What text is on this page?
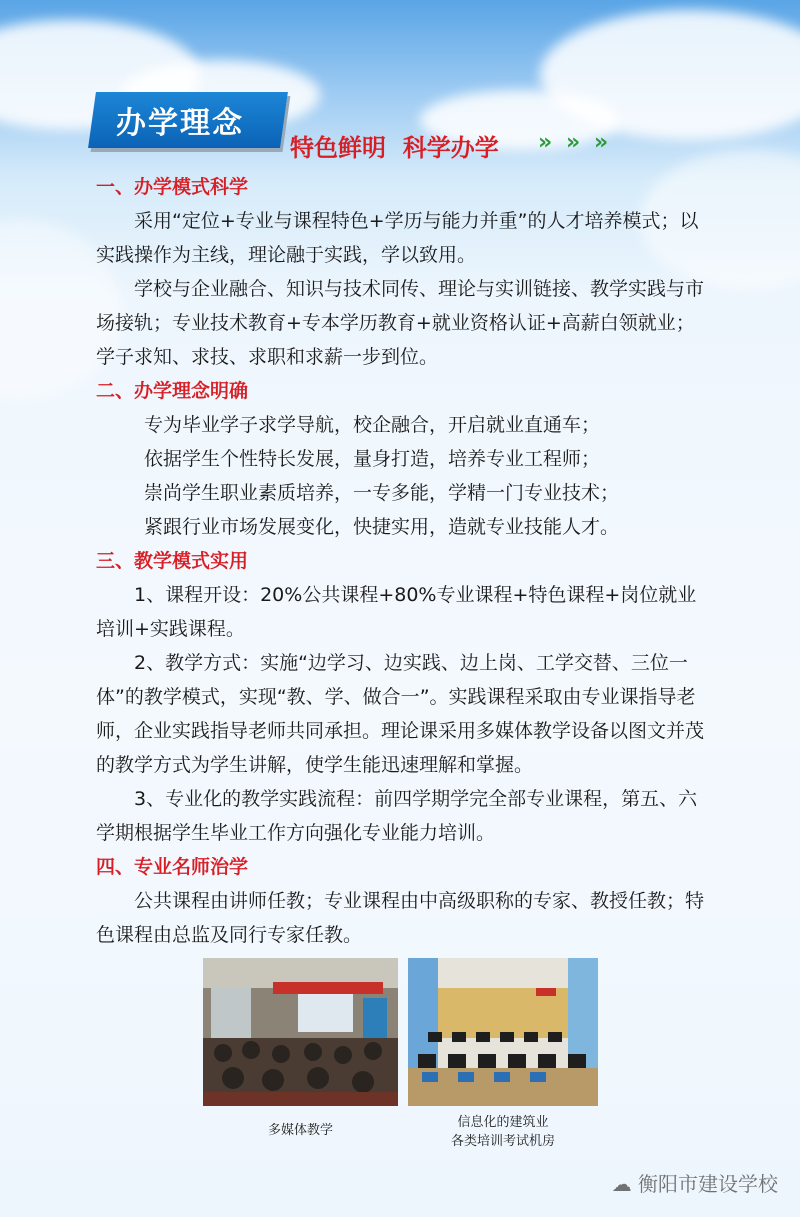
办学理念
特色鲜明  科学办学 » » »
一、办学模式科学

采用“定位+专业与课程特色+学历与能力并重”的人才培养模式；以实践操作为主线，理论融于实践，学以致用。

学校与企业融合、知识与技术同传、理论与实训链接、教学实践与市场接轨；专业技术教育+专本学历教育+就业资格认证+高薪白领就业；学子求知、求技、求职和求薪一步到位。

二、办学理念明确

专为毕业学子求学导航，校企融合，开启就业直通车；

依据学生个性特长发展，量身打造，培养专业工程师；

崇尚学生职业素质培养，一专多能，学精一门专业技术；

紧跟行业市场发展变化，快捷实用，造就专业技能人才。

三、教学模式实用

1、课程开设：20%公共课程+80%专业课程+特色课程+岗位就业培训+实践课程。

2、教学方式：实施“边学习、边实践、边上岗、工学交替、三位一体”的教学模式，实现“教、学、做合一”。实践课程采取由专业课指导老师，企业实践指导老师共同承担。理论课采用多媒体教学设备以图文并茂的教学方式为学生讲解，使学生能迅速理解和掌握。

3、专业化的教学实践流程：前四学期学完全部专业课程，第五、六学期根据学生毕业工作方向强化专业能力培训。

四、专业名师治学

公共课程由讲师任教；专业课程由中高级职称的专家、教授任教；特色课程由总监及同行专家任教。

多媒体教学
信息化的建筑业
各类培训考试机房
☁ 衡阳市建设学校
